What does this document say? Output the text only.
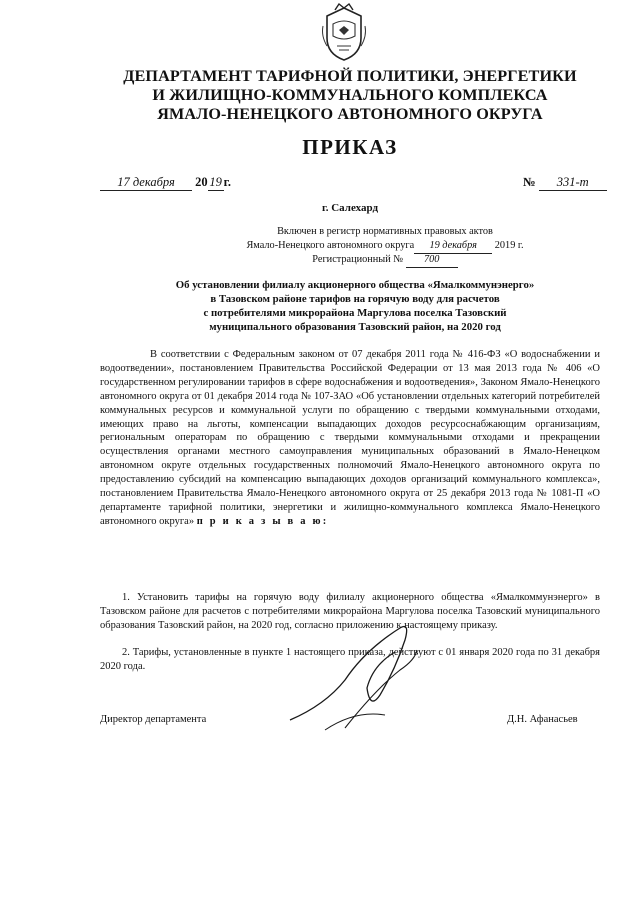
ДЕПАРТАМЕНТ ТАРИФНОЙ ПОЛИТИКИ, ЭНЕРГЕТИКИ
И ЖИЛИЩНО-КОММУНАЛЬНОГО КОМПЛЕКСА
ЯМАЛО-НЕНЕЦКОГО АВТОНОМНОГО ОКРУГА
ПРИКАЗ
17 декабря 20 19 г.	№ 331-т
г. Салехард
Включен в регистр нормативных правовых актов
Ямало-Ненецкого автономного округа 19 декабря 2019 г.
Регистрационный № 700
Об установлении филиалу акционерного общества «Ямалкоммунэнерго»
в Тазовском районе тарифов на горячую воду для расчетов
с потребителями микрорайона Маргулова поселка Тазовский
муниципального образования Тазовский район, на 2020 год

В соответствии с Федеральным законом от 07 декабря 2011 года № 416-ФЗ «О водоснабжении и водоотведении», постановлением Правительства Российской Федерации от 13 мая 2013 года № 406 «О государственном регулировании тарифов в сфере водоснабжения и водоотведения», Законом Ямало-Ненецкого автономного округа от 01 декабря 2014 года № 107-ЗАО «Об установлении отдельных категорий потребителей коммунальных ресурсов и коммунальной услуги по обращению с твердыми коммунальными отходами, имеющих право на льготы, компенсации выпадающих доходов ресурсоснабжающим организациям, региональным операторам по обращению с твердыми коммунальными отходами и прекращении осуществления органами местного самоуправления муниципальных образований в Ямало-Ненецком автономном округе отдельных государственных полномочий Ямало-Ненецкого автономного округа по предоставлению субсидий на компенсацию выпадающих доходов организаций коммунального комплекса», постановлением Правительства Ямало-Ненецкого автономного округа от 25 декабря 2013 года № 1081-П «О департаменте тарифной политики, энергетики и жилищно-коммунального комплекса Ямало-Ненецкого автономного округа» п р и к а з ы в а ю:

1. Установить тарифы на горячую воду филиалу акционерного общества «Ямалкоммунэнерго» в Тазовском районе для расчетов с потребителями микрорайона Маргулова поселка Тазовский муниципального образования Тазовский район, на 2020 год, согласно приложению к настоящему приказу.

2. Тарифы, установленные в пункте 1 настоящего приказа, действуют с 01 января 2020 года по 31 декабря 2020 года.

Директор департамента	Д.Н. Афанасьев
